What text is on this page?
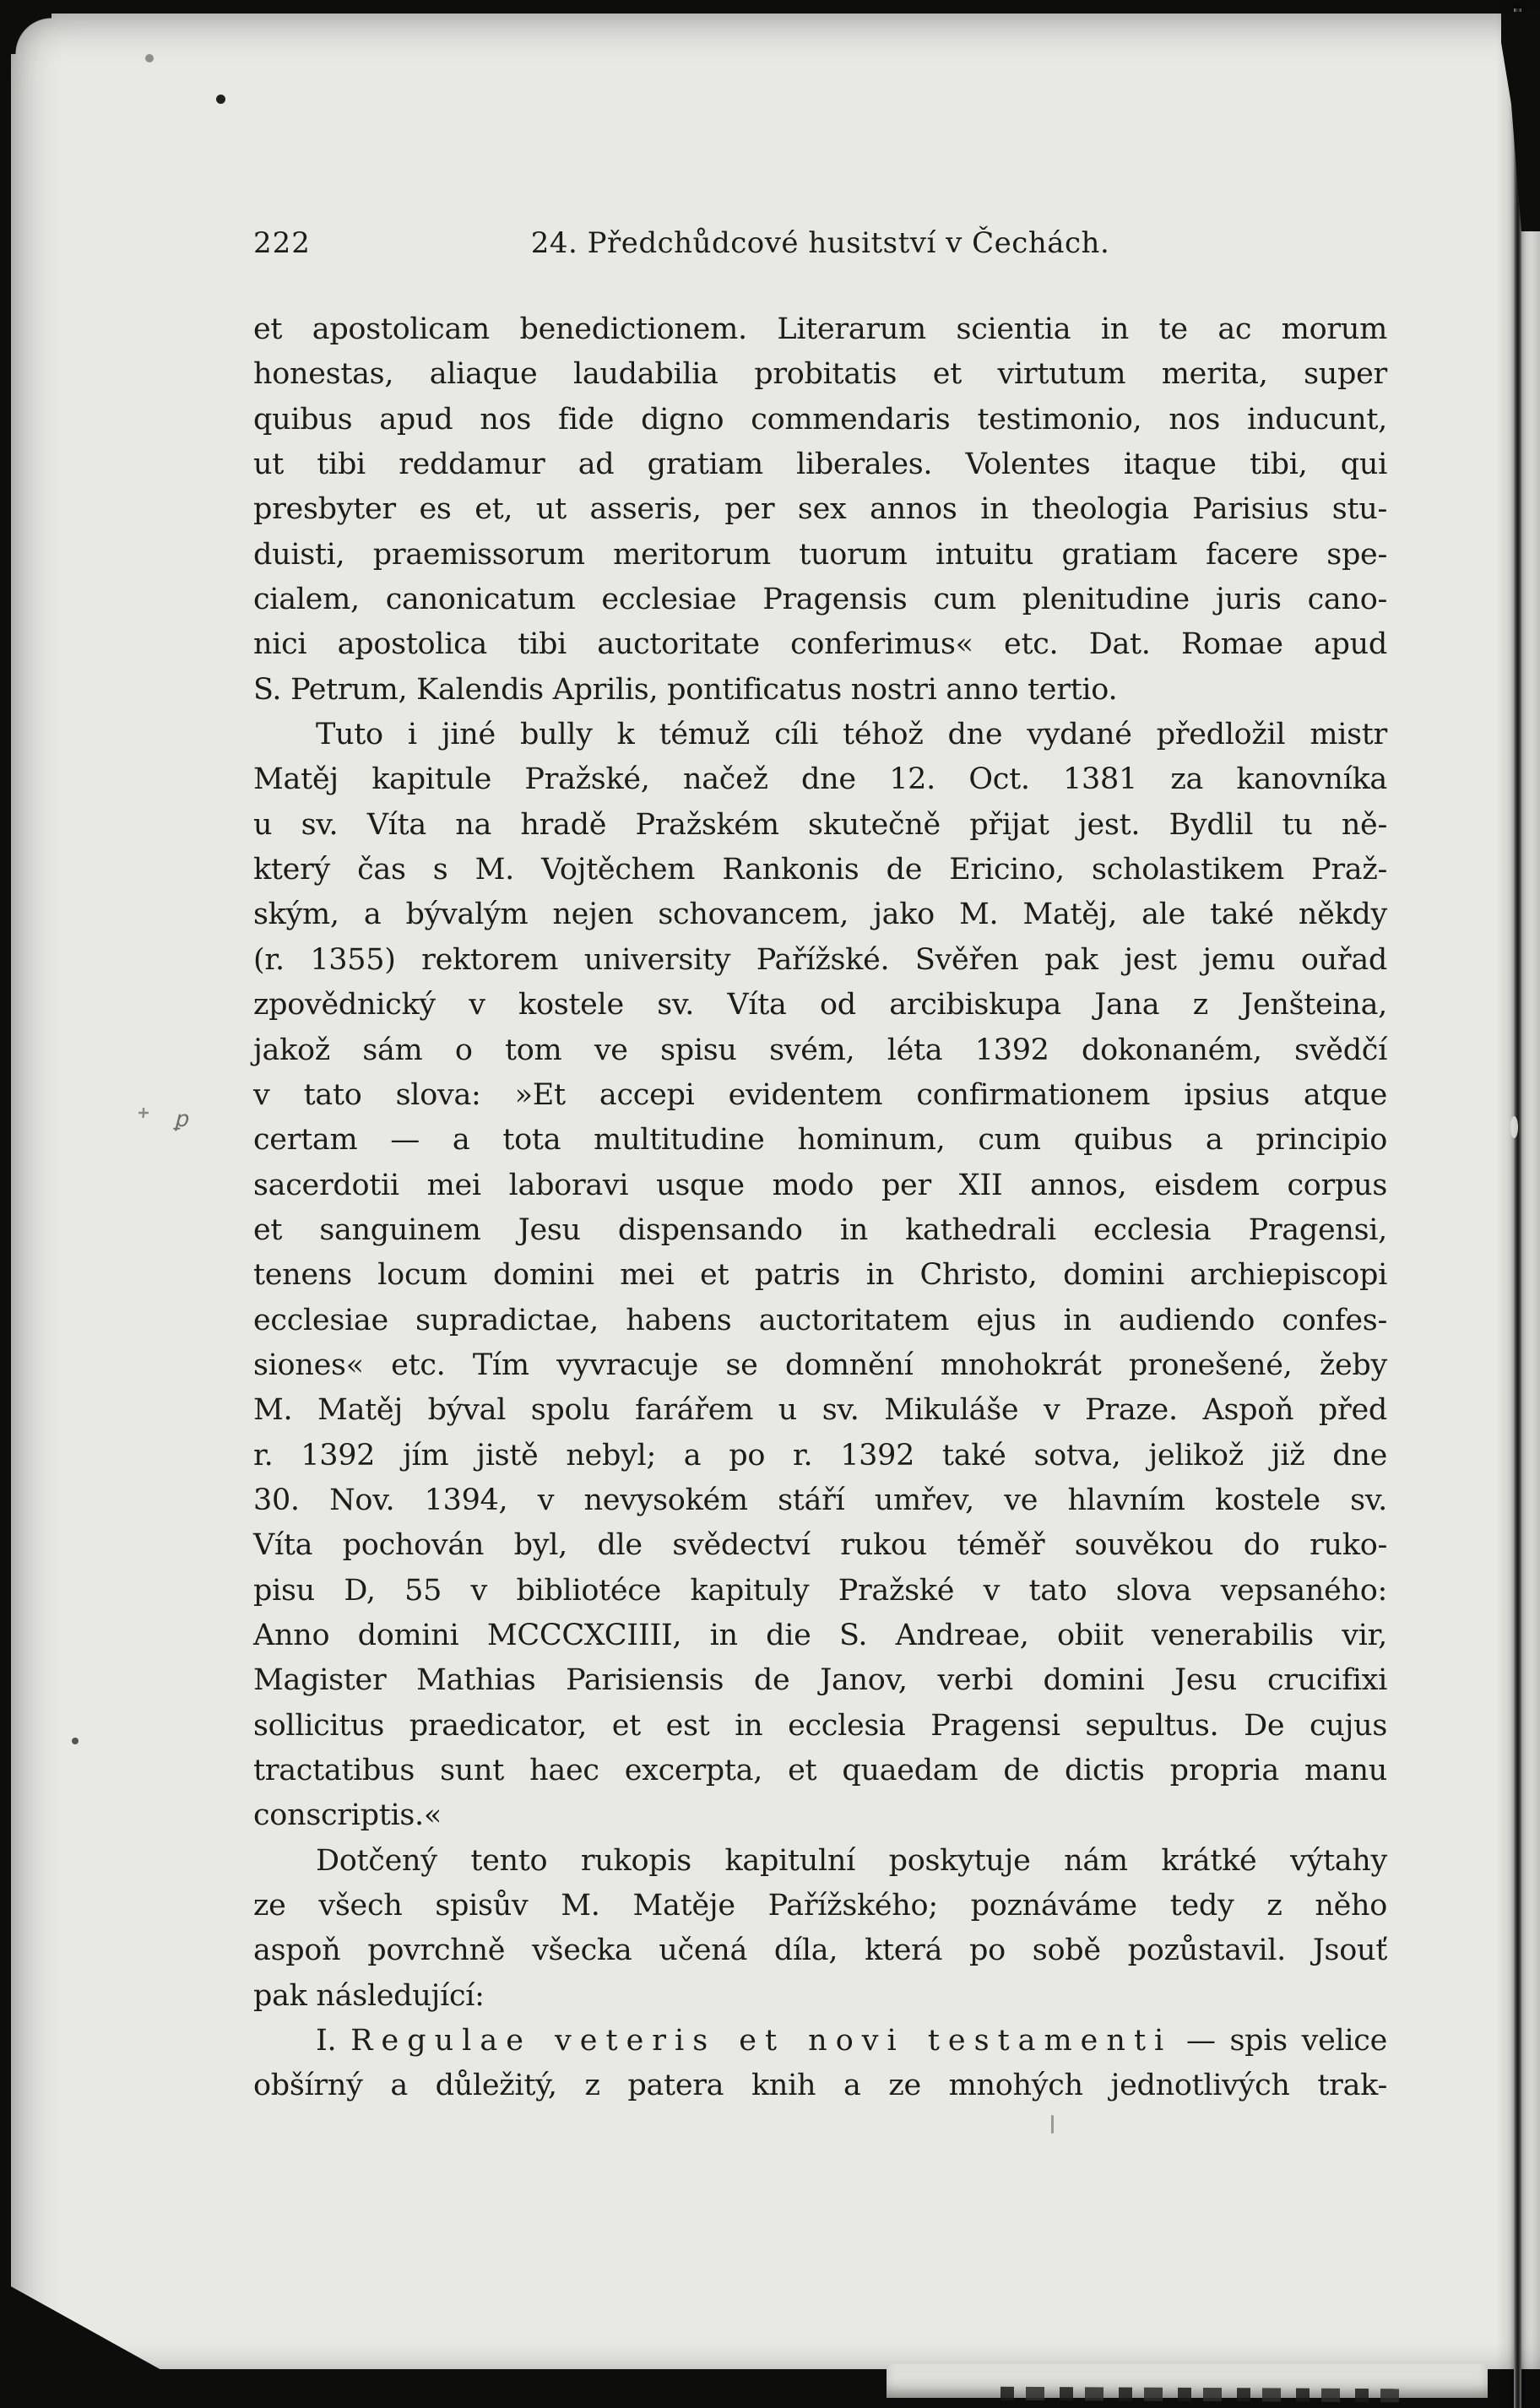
222	24. Předchůdcové husitství v Čechách.
et apostolicam benedictionem. Literarum scientia in te ac morum
honestas, aliaque laudabilia probitatis et virtutum merita, super
quibus apud nos fide digno commendaris testimonio, nos inducunt,
ut tibi reddamur ad gratiam liberales. Volentes itaque tibi, qui
presbyter es et, ut asseris, per sex annos in theologia Parisius stu-
duisti, praemissorum meritorum tuorum intuitu gratiam facere spe-
cialem, canonicatum ecclesiae Pragensis cum plenitudine juris cano-
nici apostolica tibi auctoritate conferimus« etc. Dat. Romae apud
S. Petrum, Kalendis Aprilis, pontificatus nostri anno tertio.
Tuto i jiné bully k témuž cíli téhož dne vydané předložil mistr
Matěj kapitule Pražské, načež dne 12. Oct. 1381 za kanovníka
u sv. Víta na hradě Pražském skutečně přijat jest. Bydlil tu ně-
který čas s M. Vojtěchem Rankonis de Ericino, scholastikem Praž-
ským, a bývalým nejen schovancem, jako M. Matěj, ale také někdy
(r. 1355) rektorem university Pařížské. Svěřen pak jest jemu ouřad
zpovědnický v kostele sv. Víta od arcibiskupa Jana z Jenšteina,
jakož sám o tom ve spisu svém, léta 1392 dokonaném, svědčí
v tato slova: »Et accepi evidentem confirmationem ipsius atque
certam — a tota multitudine hominum, cum quibus a principio
sacerdotii mei laboravi usque modo per XII annos, eisdem corpus
et sanguinem Jesu dispensando in kathedrali ecclesia Pragensi,
tenens locum domini mei et patris in Christo, domini archiepiscopi
ecclesiae supradictae, habens auctoritatem ejus in audiendo confes-
siones« etc. Tím vyvracuje se domnění mnohokrát pronešené, žeby
M. Matěj býval spolu farářem u sv. Mikuláše v Praze. Aspoň před
r. 1392 jím jistě nebyl; a po r. 1392 také sotva, jelikož již dne
30. Nov. 1394, v nevysokém stáří umřev, ve hlavním kostele sv.
Víta pochován byl, dle svědectví rukou téměř souvěkou do ruko-
pisu D, 55 v bibliotéce kapituly Pražské v tato slova vepsaného:
Anno domini MCCCXCIIII, in die S. Andreae, obiit venerabilis vir,
Magister Mathias Parisiensis de Janov, verbi domini Jesu crucifixi
sollicitus praedicator, et est in ecclesia Pragensi sepultus. De cujus
tractatibus sunt haec excerpta, et quaedam de dictis propria manu
conscriptis.«
Dotčený tento rukopis kapitulní poskytuje nám krátké výtahy
ze všech spisův M. Matěje Pařížského; poznáváme tedy z něho
aspoň povrchně všecka učená díla, která po sobě pozůstavil. Jsouť
pak následující:
I. Regulae veteris et novi testamenti — spis velice
obšírný a důležitý, z patera knih a ze mnohých jednotlivých trak-
ꝑ
